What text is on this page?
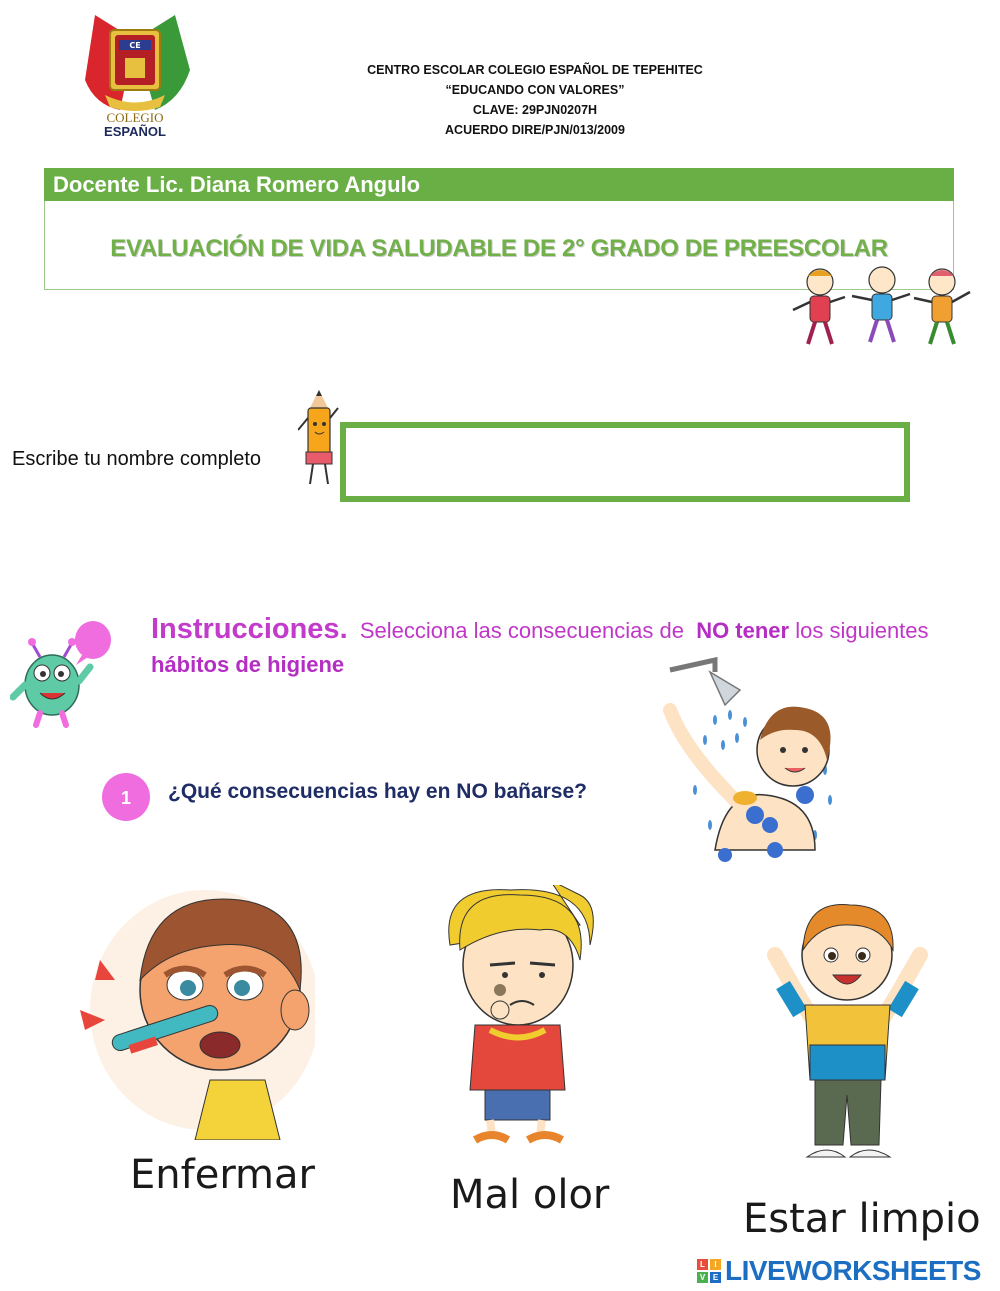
CE
COLEGIO
ESPAÑOL
CENTRO ESCOLAR COLEGIO ESPAÑOL DE TEPEHITEC
“EDUCANDO CON VALORES”
CLAVE: 29PJN0207H
ACUERDO DIRE/PJN/013/2009
Docente Lic. Diana Romero Angulo
EVALUACIÓN DE VIDA SALUDABLE DE 2° GRADO DE PREESCOLAR
Escribe tu nombre completo
Instrucciones. Selecciona las consecuencias de NO tener los siguientes hábitos de higiene
1	¿Qué consecuencias hay en NO bañarse?
Enfermar	Mal olor
Estar limpio
L	I
V E LIVEWORKSHEETS
